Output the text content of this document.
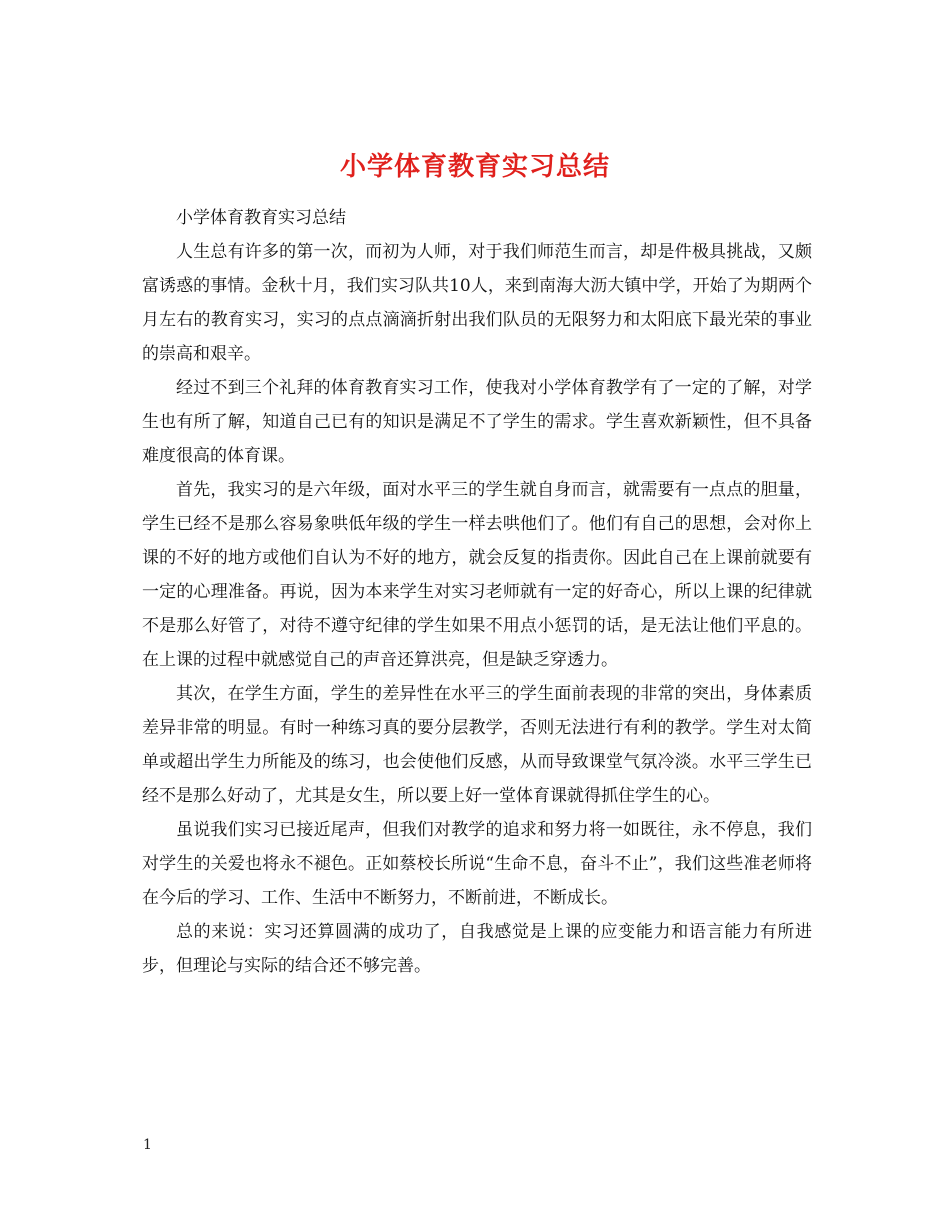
小学体育教育实习总结

小学体育教育实习总结

人生总有许多的第一次，而初为人师，对于我们师范生而言，却是件极具挑战，又颇富诱惑的事情。金秋十月，我们实习队共10人，来到南海大沥大镇中学，开始了为期两个月左右的教育实习，实习的点点滴滴折射出我们队员的无限努力和太阳底下最光荣的事业的崇高和艰辛。

经过不到三个礼拜的体育教育实习工作，使我对小学体育教学有了一定的了解，对学生也有所了解，知道自己已有的知识是满足不了学生的需求。学生喜欢新颖性，但不具备难度很高的体育课。

首先，我实习的是六年级，面对水平三的学生就自身而言，就需要有一点点的胆量，学生已经不是那么容易象哄低年级的学生一样去哄他们了。他们有自己的思想，会对你上课的不好的地方或他们自认为不好的地方，就会反复的指责你。因此自己在上课前就要有一定的心理准备。再说，因为本来学生对实习老师就有一定的好奇心，所以上课的纪律就不是那么好管了，对待不遵守纪律的学生如果不用点小惩罚的话，是无法让他们平息的。在上课的过程中就感觉自己的声音还算洪亮，但是缺乏穿透力。

其次，在学生方面，学生的差异性在水平三的学生面前表现的非常的突出，身体素质差异非常的明显。有时一种练习真的要分层教学，否则无法进行有利的教学。学生对太简单或超出学生力所能及的练习，也会使他们反感，从而导致课堂气氛冷淡。水平三学生已经不是那么好动了，尤其是女生，所以要上好一堂体育课就得抓住学生的心。

虽说我们实习已接近尾声，但我们对教学的追求和努力将一如既往，永不停息，我们对学生的关爱也将永不褪色。正如蔡校长所说“生命不息，奋斗不止”，我们这些准老师将在今后的学习、工作、生活中不断努力，不断前进，不断成长。

总的来说：实习还算圆满的成功了，自我感觉是上课的应变能力和语言能力有所进步，但理论与实际的结合还不够完善。

1
